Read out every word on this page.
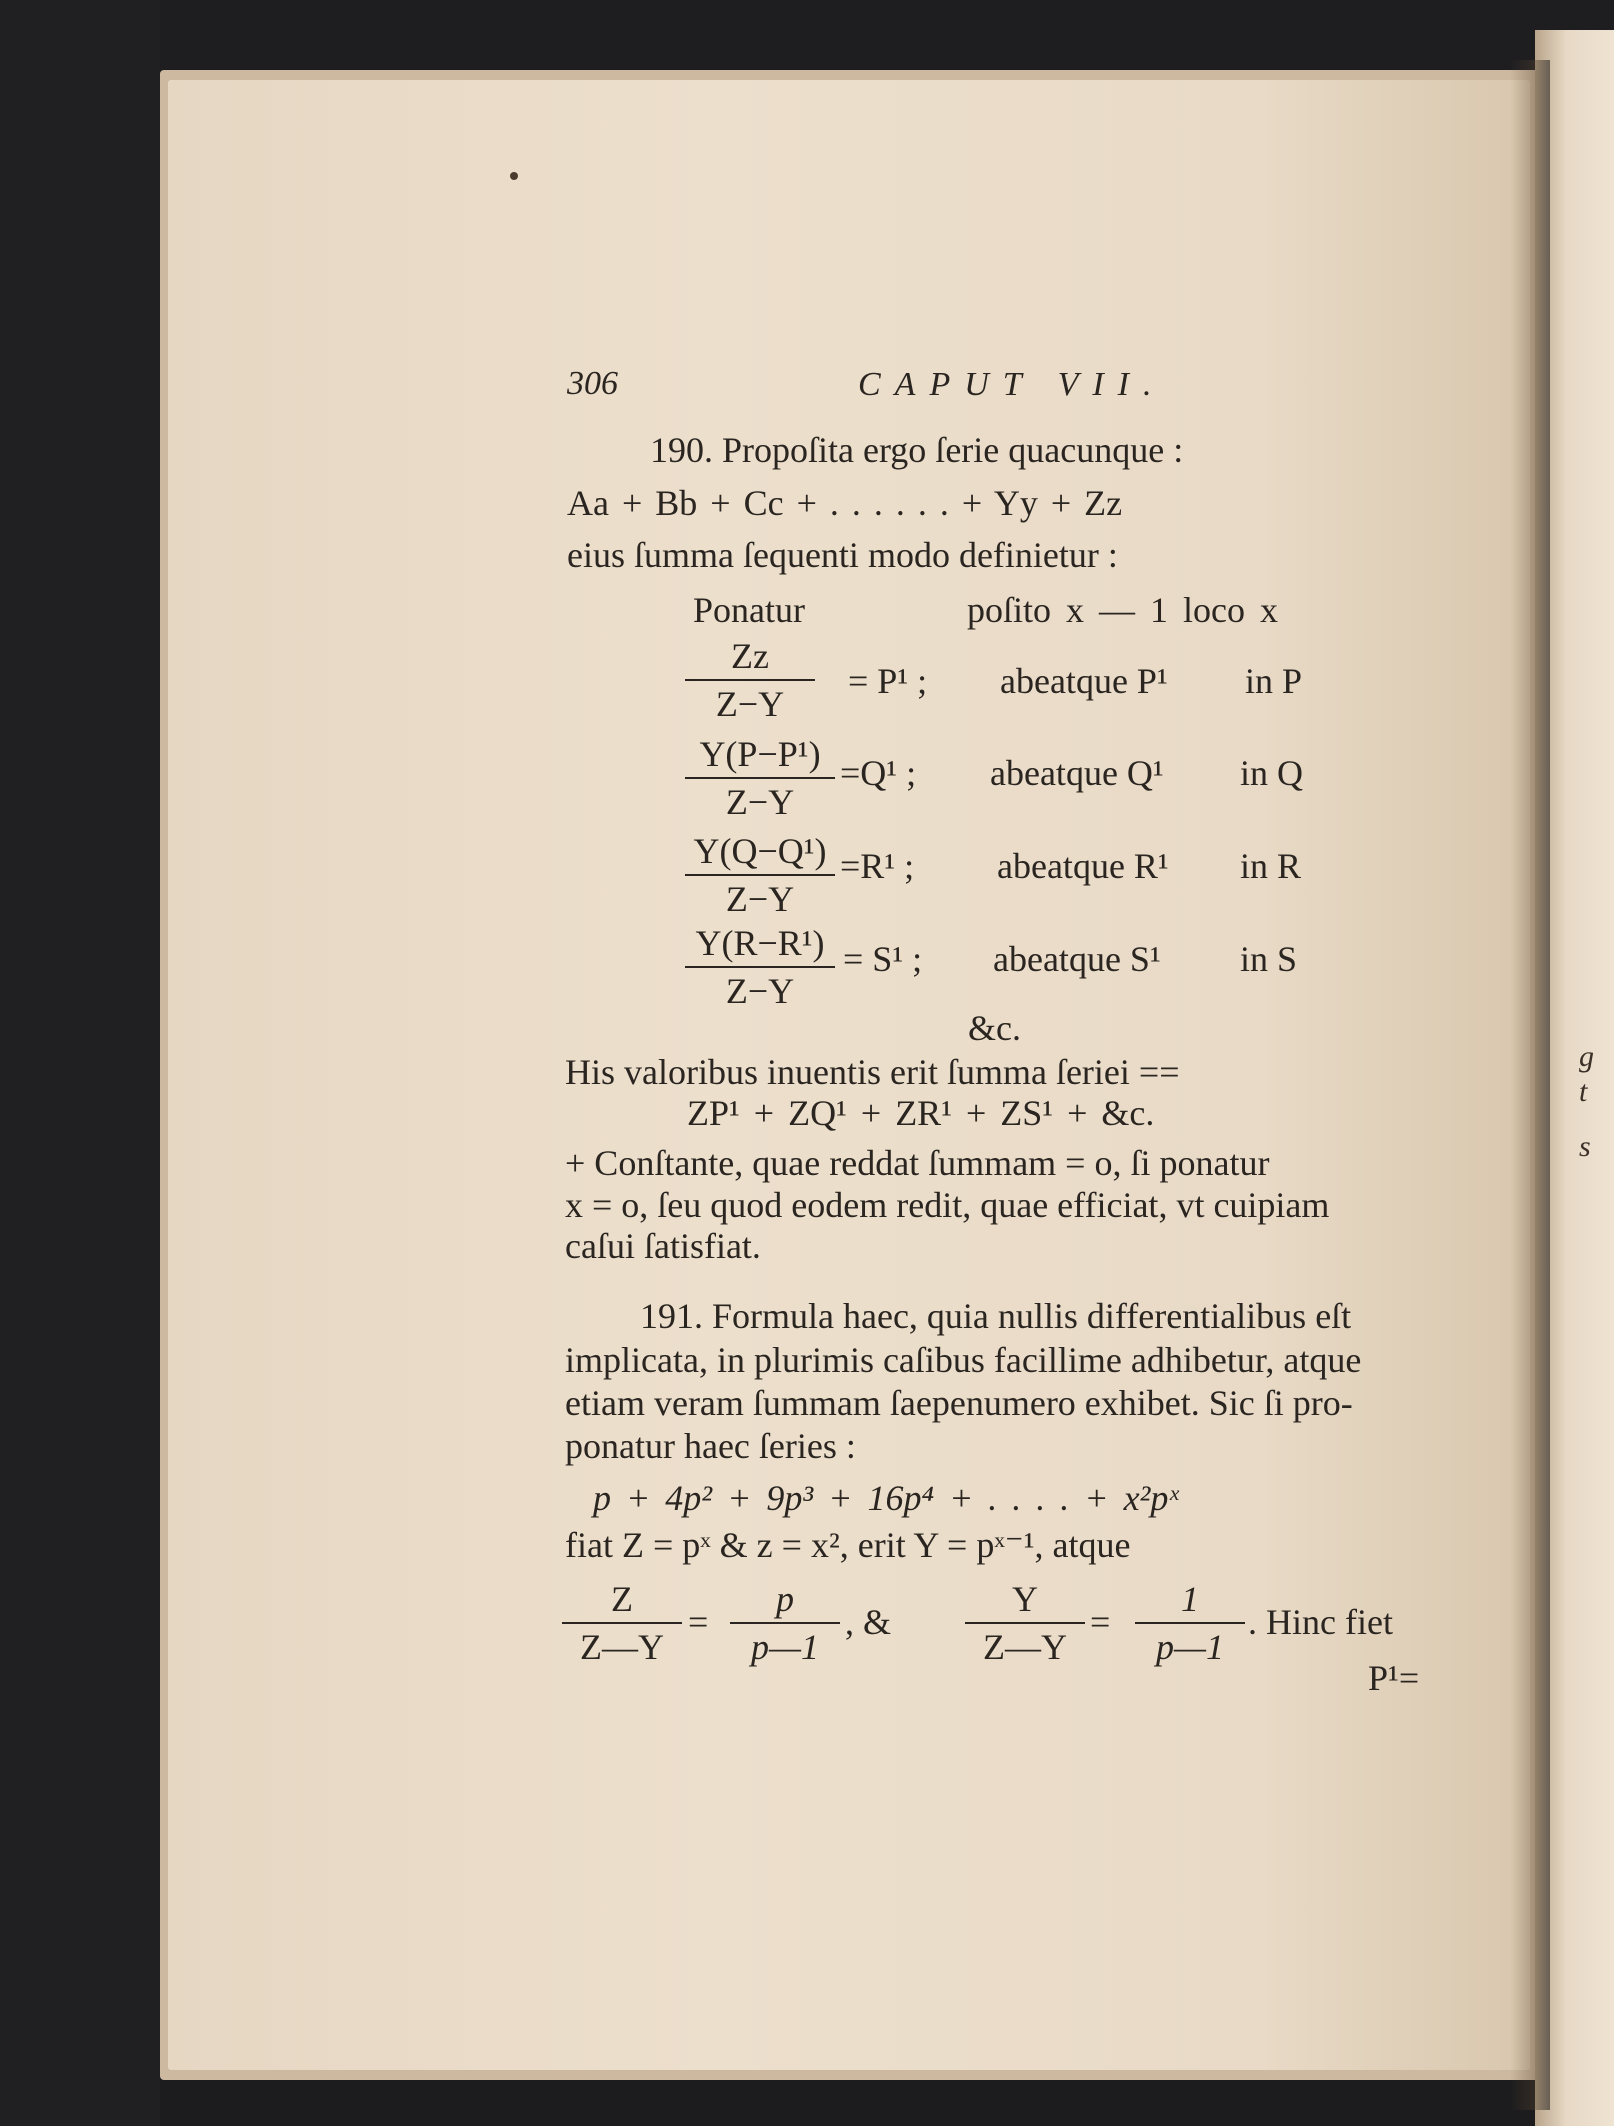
g
t
s
306	CAPUT VII.
190. Propoſita ergo ſerie quacunque :
Aa + Bb + Cc + . . . . . . + Yy + Zz
eius ſumma ſequenti modo definietur :
Ponatur	poſito x — 1 loco x
Zz
Z−Y
= P¹ ; abeatque P¹ in P
Y(P−P¹)
Z−Y
=Q¹ ; abeatque Q¹ in Q
Y(Q−Q¹)
Z−Y
=R¹ ; abeatque R¹ in R
Y(R−R¹)
Z−Y
= S¹ ; abeatque S¹ in S
&c.
His valoribus inuentis erit ſumma ſeriei ==
ZP¹ + ZQ¹ + ZR¹ + ZS¹ + &c.
+ Conſtante, quae reddat ſummam = o, ſi ponatur
x = o, ſeu quod eodem redit, quae efficiat, vt cuipiam
caſui ſatisfiat.
191. Formula haec, quia nullis differentialibus eſt
implicata, in plurimis caſibus facillime adhibetur, atque
etiam veram ſummam ſaepenumero exhibet. Sic ſi pro-
ponatur haec ſeries :
p + 4p² + 9p³ + 16p⁴ + . . . . + x²pˣ
fiat Z = pˣ & z = x², erit Y = pˣ⁻¹, atque
Z
Z—Y
=
p
p—1
, &
Y
Z—Y
=
1
p—1
. Hinc fiet
P¹=
